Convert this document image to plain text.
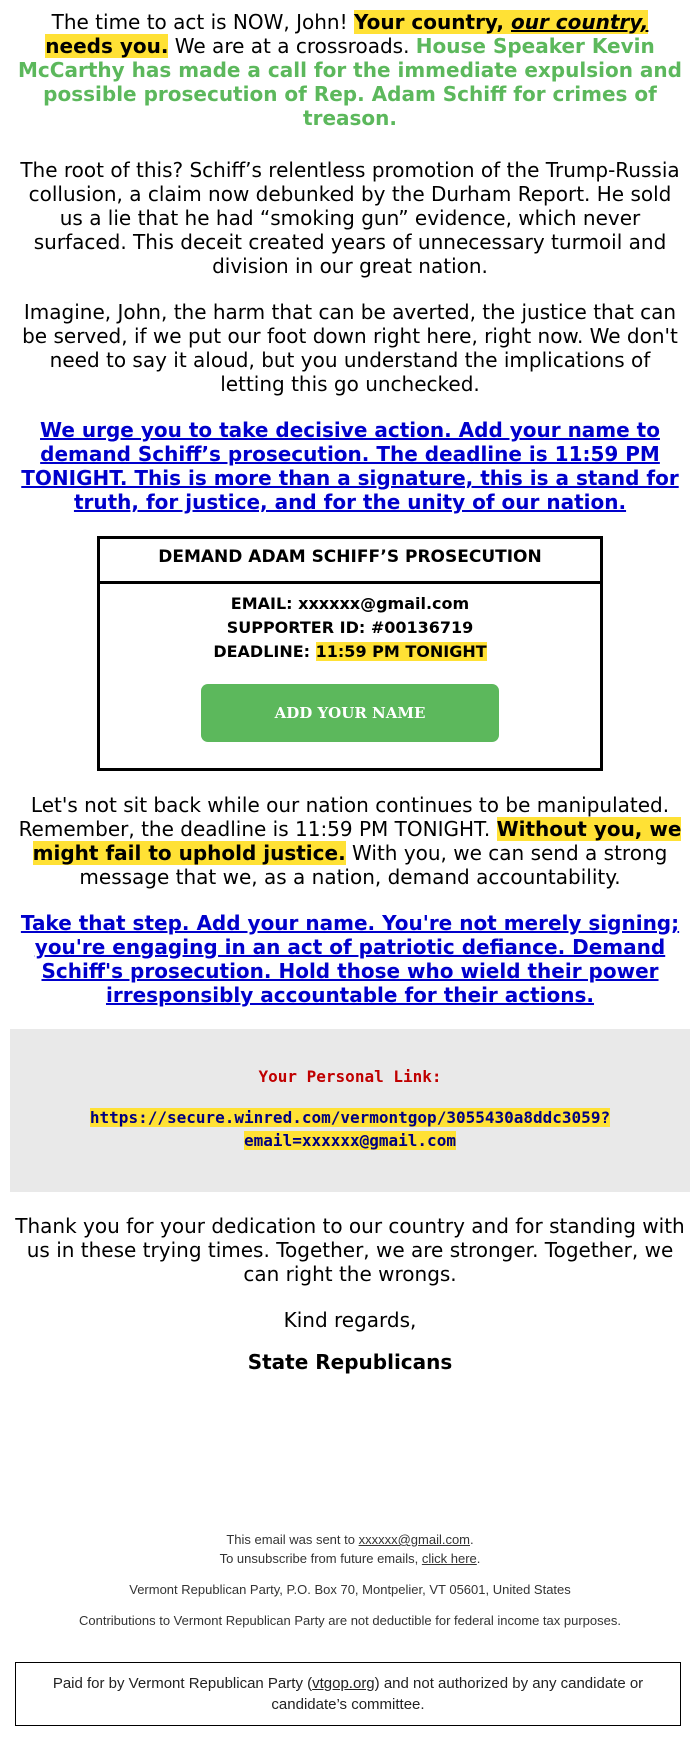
The time to act is NOW, John! Your country, our country, needs you. We are at a crossroads. House Speaker Kevin McCarthy has made a call for the immediate expulsion and possible prosecution of Rep. Adam Schiff for crimes of treason.

The root of this? Schiff’s relentless promotion of the Trump-Russia collusion, a claim now debunked by the Durham Report. He sold us a lie that he had “smoking gun” evidence, which never surfaced. This deceit created years of unnecessary turmoil and division in our great nation.

Imagine, John, the harm that can be averted, the justice that can be served, if we put our foot down right here, right now. We don't need to say it aloud, but you understand the implications of letting this go unchecked.

We urge you to take decisive action. Add your name to demand Schiff’s prosecution. The deadline is 11:59 PM TONIGHT. This is more than a signature, this is a stand for truth, for justice, and for the unity of our nation.

DEMAND ADAM SCHIFF’S PROSECUTION
EMAIL: xxxxxx@gmail.com
SUPPORTER ID: #00136719
DEADLINE: 11:59 PM TONIGHT
ADD YOUR NAME

Let's not sit back while our nation continues to be manipulated. Remember, the deadline is 11:59 PM TONIGHT. Without you, we might fail to uphold justice. With you, we can send a strong message that we, as a nation, demand accountability.

Take that step. Add your name. You're not merely signing; you're engaging in an act of patriotic defiance. Demand Schiff's prosecution. Hold those who wield their power irresponsibly accountable for their actions.

Your Personal Link:
https://secure.winred.com/vermontgop/3055430a8ddc3059?
email=xxxxxx@gmail.com

Thank you for your dedication to our country and for standing with us in these trying times. Together, we are stronger. Together, we can right the wrongs.

Kind regards,

State Republicans

This email was sent to xxxxxx@gmail.com.
To unsubscribe from future emails, click here.

Vermont Republican Party, P.O. Box 70, Montpelier, VT 05601, United States

Contributions to Vermont Republican Party are not deductible for federal income tax purposes.

Paid for by Vermont Republican Party (vtgop.org) and not authorized by any candidate or candidate’s committee.
